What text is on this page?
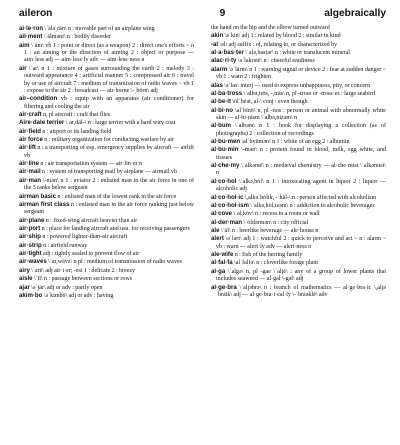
aileron	9	algebraically
ai·le·ron \ˈālə̇ˌrän\ n : movable part of an airplane wing
ail·ment \ˈālmənt\ n : bodily disorder
aim \ˈām\ vb 1 : point or direct (as a weapon) 2 : direct one's efforts ~ n 1 : an aiming or the direction of aiming 2 : object or purpose — aim·less adj — aim·less·ly adv — aim·less·ness n
air \ˈar\ n 1 : mixture of gases surrounding the earth 2 : melody 3 : outward appearance 4 : artificial manner 5 : compressed air 6 : travel by or use of aircraft 7 : medium of transmission of radio waves ~ vb 1 : expose to the air 2 : broadcast — air·borne \-ˌbōrn\ adj
air–condition vb : equip with an apparatus (air conditioner) for filtering and cooling the air
air·craft n, pl aircraft : craft that flies
Aire·dale terrier \ˈar,dāl-\ n : large terrier with a hard wiry coat
air·field n : airport or its landing field
air force n : military organization for conducting warfare by air
air·lift n : a transporting of esp. emergency supplies by aircraft — airlift vb
air·line n : air transportation system — air·lin·er n
air·mail n : system of transporting mail by airplane — airmail vb
air·man \-mən\ n 1 : aviator 2 : enlisted man in the air force in one of the 3 ranks below sergeant
airman basic n : enlisted man of the lowest rank in the air force
airman first class n : enlisted man in the air force ranking just below sergeant
air·plane n : fixed-wing aircraft heavier than air
air·port n : place for landing aircraft and usu. for receiving passengers
air·ship n : powered lighter-than-air aircraft
air·strip n : airfield runway
air·tight adj : tightly sealed to prevent flow of air
air·waves \ˈar,wāvz\ n pl : medium of transmission of radio waves
airy \ˈarē\ adj air·i·er; -est 1 : delicate 2 : breezy
aisle \ˈīl\ n : passage between sections or rows
ajar \əˈjär\ adj or adv : partly open
akim·bo \əˈkimbō\ adj or adv : having
the hand on the hip and the elbow turned outward
akin \əˈkin\ adj 1 : related by blood 2 : similar in kind
-al \əl\ adj suffix : of, relating to, or characterized by
al·a·bas·ter \ˈalə,bastər\ n : white or translucent mineral
alac·ri·ty \əˈlakrətē\ n : cheerful readiness
alarm \əˈlärm\ n 1 : warning signal or device 2 : fear at sudden danger ~ vb 1 : warn 2 : frighten
alas \əˈlas\ interj — used to express unhappiness, pity, or concern
al·ba·tross \ˈalbə,trōs, -,träs\ n, pl -tross or -tross·es : large seabird
al·be·it \ȯlˈbēət, al-\ conj : even though
al·bi·no \alˈbīnō\ n, pl -nos : person or animal with abnormally white skin — al·bi·nism \ˈalbə,nizəm\ n
al·bum \ˈalbəm\ n 1 : book for displaying a collection (as of photographs) 2 : collection of recordings
al·bu·men \alˈbyümən\ n 1 : white of an egg 2 : albumin
al·bu·min \-mən\ n : protein found in blood, milk, egg white, and tissues
al·che·my \ˈalkəmē\ n : medieval chemistry — al·che·mist \ˈalkəmist\ n
al·co·hol \ˈalkə,hȯl\ n 1 : intoxicating agent in liquor 2 : liquor — alcoholic adj
al·co·hol·ic \,alkəˈhȯlik, -ˈhäl-\ n : person affected with alcoholism
al·co·hol·ism \ˈalkə,hȯl,izəm\ n : addiction to alcoholic beverages
al·cove \ˈal,kōv\ n : recess in a room or wall
al·der·man \ˈȯldərmən\ n : city official
ale \ˈāl\ n : beerlike beverage — ale·house n
alert \əˈlərt\ adj 1 : watchful 2 : quick to perceive and act ~ n : alarm ~ vb : warn — alert·ly adv — alert·ness n
ale·wife n : fish of the herring family
al·fal·fa \alˈfalfə\ n : cloverlike forage plant
al·ga \ˈalgə\ n, pl -gae \ˈaljē\ : any of a group of lower plants that includes seaweed — al·gal \-gəl\ adj
al·ge·bra \ˈaljəbrə\ n : branch of mathematics — al·ge·bra·ic \,aljəˈbrāik\ adj — al·ge·bra·i·cal·ly \-ˈbrāəklē\ adv
